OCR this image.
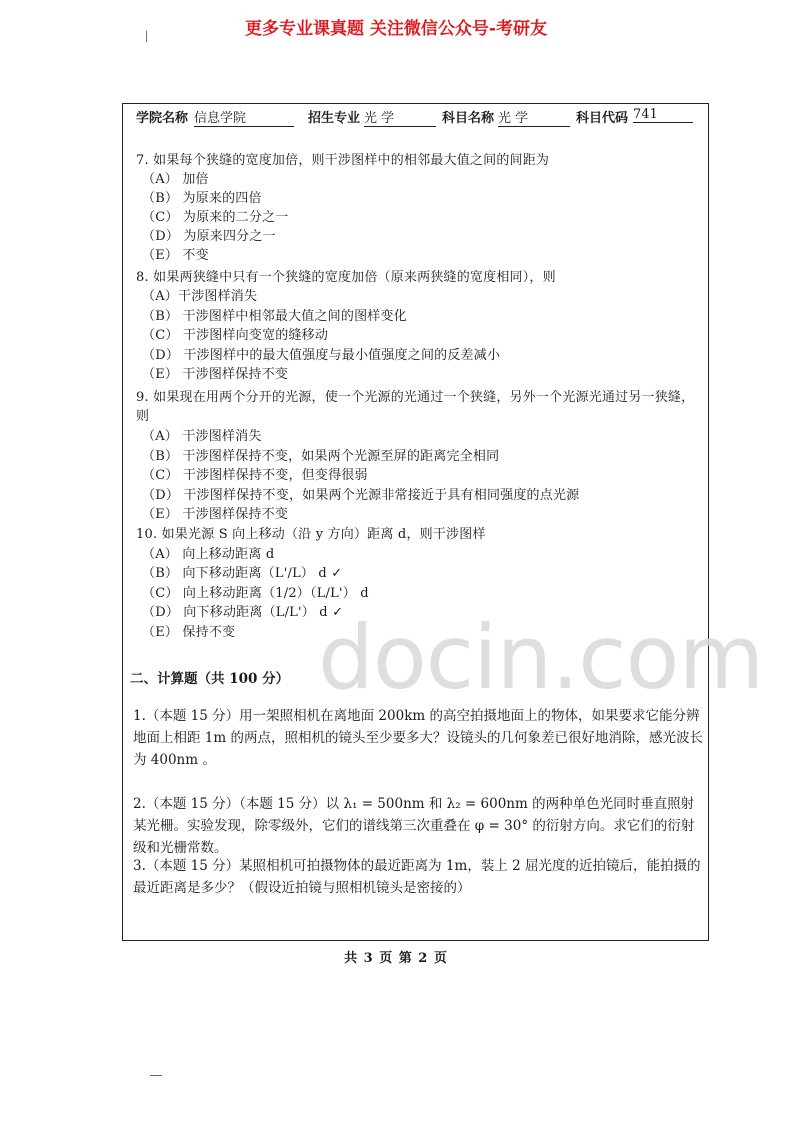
更多专业课真题 关注微信公众号-考研友
⁄
学院名称 信息学院	招生专业 光 学	科目名称 光 学	科目代码 741
7. 如果每个狭缝的宽度加倍，则干涉图样中的相邻最大值之间的间距为
（A） 加倍
（B） 为原来的四倍
（C） 为原来的二分之一
（D） 为原来四分之一
（E） 不变
8. 如果两狭缝中只有一个狭缝的宽度加倍（原来两狭缝的宽度相同），则
（A）干涉图样消失
（B） 干涉图样中相邻最大值之间的图样变化
（C） 干涉图样向变宽的缝移动
（D） 干涉图样中的最大值强度与最小值强度之间的反差减小
（E） 干涉图样保持不变
9. 如果现在用两个分开的光源，使一个光源的光通过一个狭缝，另外一个光源光通过另一狭缝，
则
（A） 干涉图样消失
（B） 干涉图样保持不变，如果两个光源至屏的距离完全相同
（C） 干涉图样保持不变，但变得很弱
（D） 干涉图样保持不变，如果两个光源非常接近于具有相同强度的点光源
（E） 干涉图样保持不变
10. 如果光源 S 向上移动（沿 y 方向）距离 d，则干涉图样
（A） 向上移动距离 d
（B） 向下移动距离（L'/L） d ✓
（C） 向上移动距离（1/2）（L/L'） d
（D） 向下移动距离（L/L'） d ✓
（E） 保持不变 docin.com
二、计算题（共 100 分）
1.（本题 15 分）用一架照相机在离地面 200km 的高空拍摄地面上的物体，如果要求它能分辨地面上相距 1m 的两点，照相机的镜头至少要多大？设镜头的几何象差已很好地消除，感光波长为 400nm 。
2.（本题 15 分）（本题 15 分）以 λ₁ = 500nm 和 λ₂ = 600nm 的两种单色光同时垂直照射某光栅。实验发现，除零级外，它们的谱线第三次重叠在 φ = 30° 的衍射方向。求它们的衍射级和光栅常数。
3.（本题 15 分）某照相机可拍摄物体的最近距离为 1m，装上 2 屈光度的近拍镜后，能拍摄的最近距离是多少？（假设近拍镜与照相机镜头是密接的）
共 3 页 第 2 页
